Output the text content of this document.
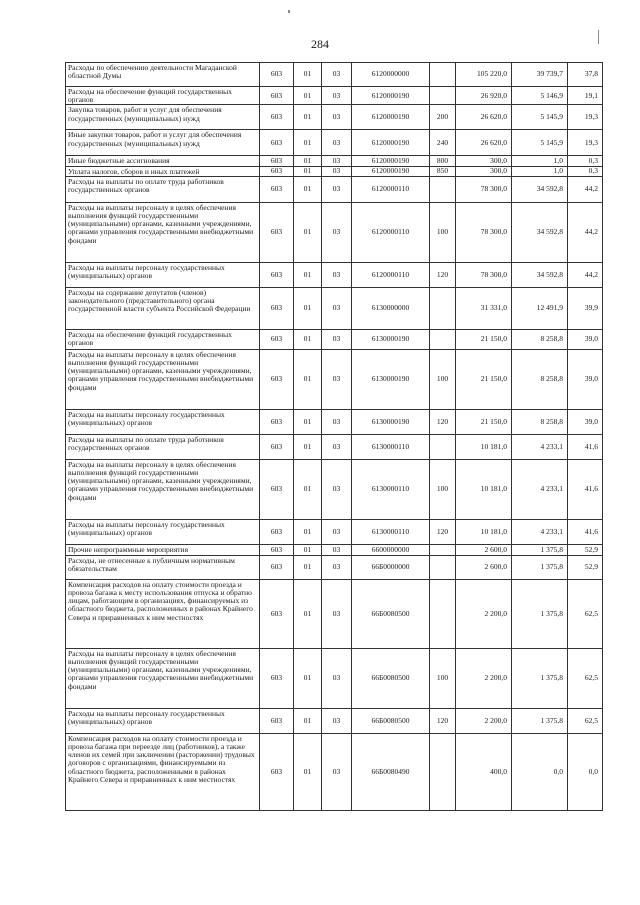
284
Расходы по обеспечению деятельности Магаданской областной Думы	603	01	03	6120000000		105 220,0	39 739,7	37,8
Расходы на обеспечение функций государственных органов	603	01	03	6120000190		26 920,0	5 146,9	19,1
Закупка товаров, работ и услуг для обеспечения государственных (муниципальных) нужд	603	01	03	6120000190	200	26 620,0	5 145,9	19,3
Иные закупки товаров, работ и услуг для обеспечения государственных (муниципальных) нужд	603	01	03	6120000190	240	26 620,0	5 145,9	19,3
Иные бюджетные ассигнования	603	01	03	6120000190	800	300,0	1,0	0,3
Уплата налогов, сборов и иных платежей	603	01	03	6120000190	850	300,0	1,0	0,3
Расходы на выплаты по оплате труда работников государственных органов	603	01	03	6120000110		78 300,0	34 592,8	44,2
Расходы на выплаты персоналу в целях обеспечения выполнения функций государственными (муниципальными) органами, казенными учреждениями, органами управления государственными внебюджетными фондами	603	01	03	6120000110	100	78 300,0	34 592,8	44,2
Расходы на выплаты персоналу государственных (муниципальных) органов	603	01	03	6120000110	120	78 300,0	34 592,8	44,2
Расходы на содержание депутатов (членов) законодательного (представительного) органа государственной власти субъекта Российской Федерации	603	01	03	6130000000		31 331,0	12 491,9	39,9
Расходы на обеспечение функций государственных органов	603	01	03	6130000190		21 150,0	8 258,8	39,0
Расходы на выплаты персоналу в целях обеспечения выполнения функций государственными (муниципальными) органами, казенными учреждениями, органами управления государственными внебюджетными фондами	603	01	03	6130000190	100	21 150,0	8 258,8	39,0
Расходы на выплаты персоналу государственных (муниципальных) органов	603	01	03	6130000190	120	21 150,0	8 258,8	39,0
Расходы на выплаты по оплате труда работников государственных органов	603	01	03	6130000110		10 181,0	4 233,1	41,6
Расходы на выплаты персоналу в целях обеспечения выполнения функций государственными (муниципальными) органами, казенными учреждениями, органами управления государственными внебюджетными фондами	603	01	03	6130000110	100	10 181,0	4 233,1	41,6
Расходы на выплаты персоналу государственных (муниципальных) органов	603	01	03	6130000110	120	10 181,0	4 233,1	41,6
Прочие непрограммные мероприятия	603	01	03	6600000000		2 600,0	1 375,8	52,9
Расходы, не отнесенные к публичным нормативным обязательствам	603	01	03	66Б0000000		2 600,0	1 375,8	52,9
Компенсация расходов на оплату стоимости проезда и провоза багажа к месту использования отпуска и обратно лицам, работающим в организациях, финансируемых из областного бюджета, расположенных в районах Крайнего Севера и приравненных к ним местностях	603	01	03	66Б0080500		2 200,0	1 375,8	62,5
Расходы на выплаты персоналу в целях обеспечения выполнения функций государственными (муниципальными) органами, казенными учреждениями, органами управления государственными внебюджетными фондами	603	01	03	66Б0080500	100	2 200,0	1 375,8	62,5
Расходы на выплаты персоналу государственных (муниципальных) органов	603	01	03	66Б0080500	120	2 200,0	1 375,8	62,5
Компенсация расходов на оплату стоимости проезда и провоза багажа при переезде лиц (работников), а также членов их семей при заключении (расторжении) трудовых договоров с организациями, финансируемыми из областного бюджета, расположенными в районах Крайнего Севера и приравненных к ним местностях	603	01	03	66Б0080490		400,0	0,0	0,0
